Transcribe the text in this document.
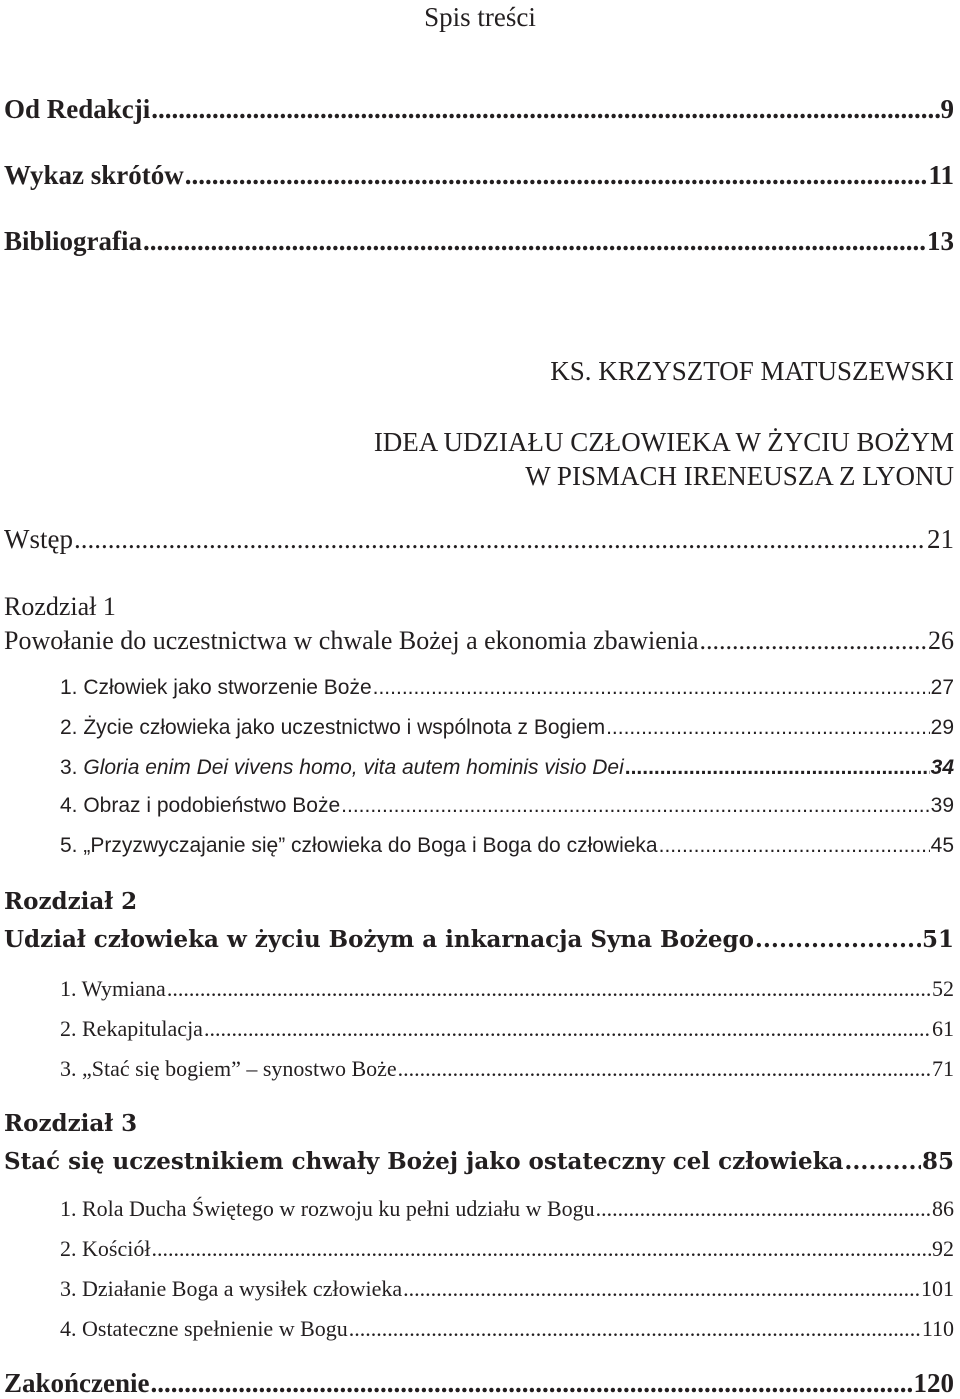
Spis treści
Od Redakcji .....	9
Wykaz skrótów .....	11
Bibliografia .....	13
KS. KRZYSZTOF MATUSZEWSKI
IDEA UDZIAŁU CZŁOWIEKA W ŻYCIU BOŻYM
W PISMACH IRENEUSZA Z LYONU
Wstęp .....	21
Rozdział 1
Powołanie do uczestnictwa w chwale Bożej a ekonomia zbawienia .....	26
1. Człowiek jako stworzenie Boże .....	27
2. Życie człowieka jako uczestnictwo i wspólnota z Bogiem .....	29
3. Gloria enim Dei vivens homo, vita autem hominis visio Dei .....	34
4. Obraz i podobieństwo Boże .....	39
5. „Przyzwyczajanie się” człowieka do Boga i Boga do człowieka .....	45
Rozdział 2
Udział człowieka w życiu Bożym a inkarnacja Syna Bożego .....	51
1. Wymiana .....	52
2. Rekapitulacja .....	61
3. „Stać się bogiem” – synostwo Boże .....	71
Rozdział 3
Stać się uczestnikiem chwały Bożej jako ostateczny cel człowieka .....	85
1. Rola Ducha Świętego w rozwoju ku pełni udziału w Bogu .....	86
2. Kościół .....	92
3. Działanie Boga a wysiłek człowieka .....	101
4. Ostateczne spełnienie w Bogu .....	110
Zakończenie .....	120
